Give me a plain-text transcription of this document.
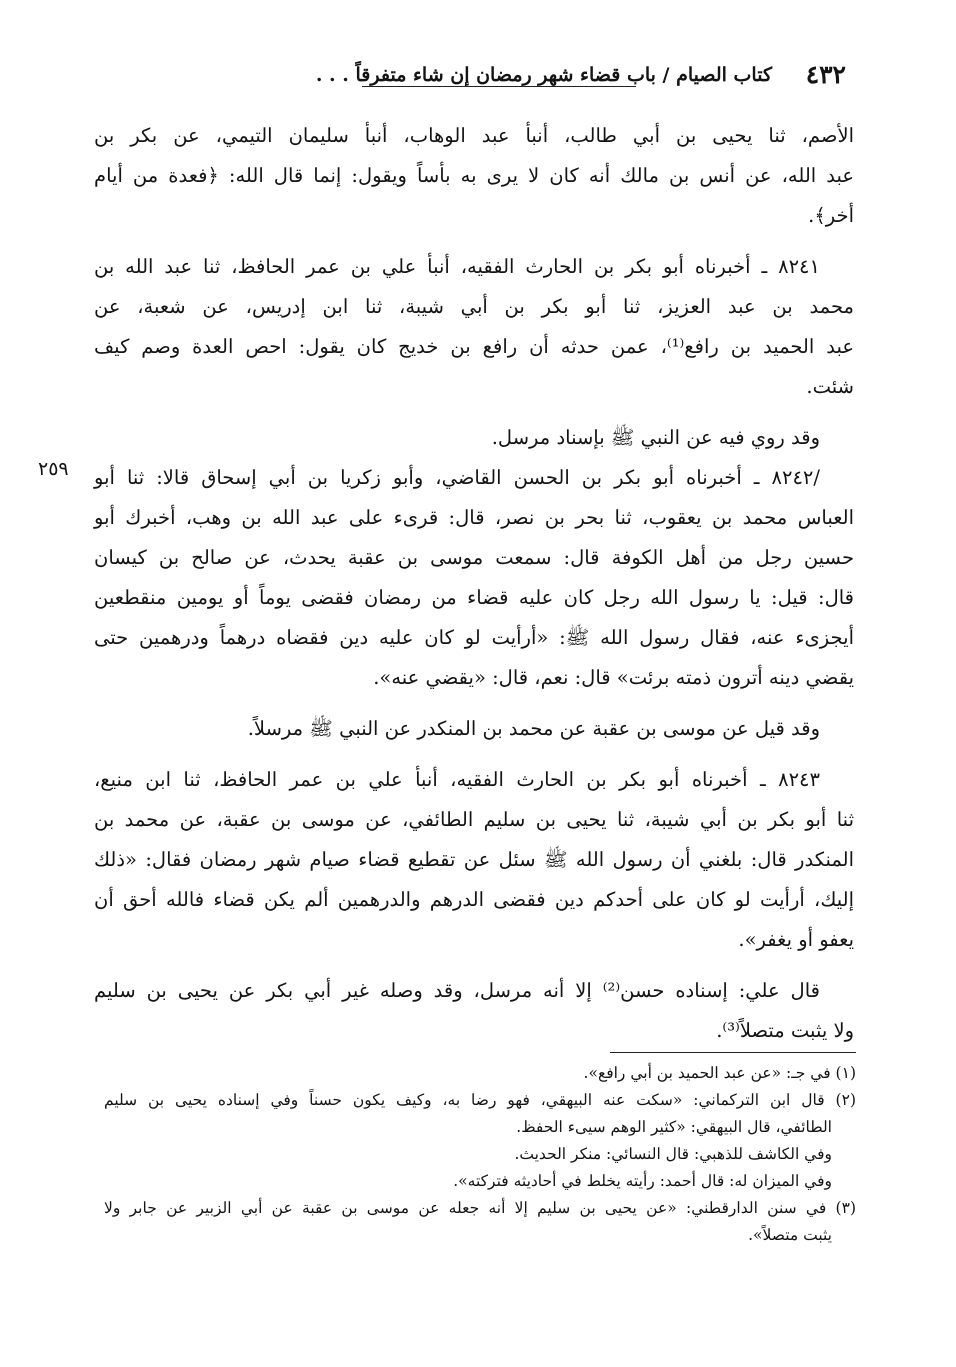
٤٣٢
كتاب الصيام / باب قضاء شهر رمضان إن شاء متفرقاً . . .
الأصم، ثنا يحيى بن أبي طالب، أنبأ عبد الوهاب، أنبأ سليمان التيمي، عن بكر بن
عبد الله، عن أنس بن مالك أنه كان لا يرى به بأساً ويقول: إنما قال الله: ﴿فعدة من أيام
أخر﴾.
٨٢٤١ ـ أخبرناه أبو بكر بن الحارث الفقيه، أنبأ علي بن عمر الحافظ، ثنا عبد الله بن
محمد بن عبد العزيز، ثنا أبو بكر بن أبي شيبة، ثنا ابن إدريس، عن شعبة، عن
عبد الحميد بن رافع⁽¹⁾، عمن حدثه أن رافع بن خديج كان يقول: احص العدة وصم كيف
شئت.
وقد روي فيه عن النبي ﷺ بإسناد مرسل.
٢٥٩ /٨٢٤٢ ـ أخبرناه أبو بكر بن الحسن القاضي، وأبو زكريا بن أبي إسحاق قالا: ثنا أبو
العباس محمد بن يعقوب، ثنا بحر بن نصر، قال: قرىء على عبد الله بن وهب، أخبرك أبو
حسين رجل من أهل الكوفة قال: سمعت موسى بن عقبة يحدث، عن صالح بن كيسان
قال: قيل: يا رسول الله رجل كان عليه قضاء من رمضان فقضى يوماً أو يومين منقطعين
أيجزىء عنه، فقال رسول الله ﷺ: «أرأيت لو كان عليه دين فقضاه درهماً ودرهمين حتى
يقضي دينه أترون ذمته برئت» قال: نعم، قال: «يقضي عنه».
وقد قيل عن موسى بن عقبة عن محمد بن المنكدر عن النبي ﷺ مرسلاً.
٨٢٤٣ ـ أخبرناه أبو بكر بن الحارث الفقيه، أنبأ علي بن عمر الحافظ، ثنا ابن منيع،
ثنا أبو بكر بن أبي شيبة، ثنا يحيى بن سليم الطائفي، عن موسى بن عقبة، عن محمد بن
المنكدر قال: بلغني أن رسول الله ﷺ سئل عن تقطيع قضاء صيام شهر رمضان فقال: «ذلك
إليك، أرأيت لو كان على أحدكم دين فقضى الدرهم والدرهمين ألم يكن قضاء فالله أحق أن
يعفو أو يغفر».
قال علي: إسناده حسن⁽²⁾ إلا أنه مرسل، وقد وصله غير أبي بكر عن يحيى بن سليم
ولا يثبت متصلاً⁽³⁾.
(١) في جـ: «عن عبد الحميد بن أبي رافع».
(٢) قال ابن التركماني: «سكت عنه البيهقي، فهو رضا به، وكيف يكون حسناً وفي إسناده يحيى بن سليم
الطائفي، قال البيهقي: «كثير الوهم سيىء الحفظ.
وفي الكاشف للذهبي: قال النسائي: منكر الحديث.
وفي الميزان له: قال أحمد: رأيته يخلط في أحاديثه فتركته».
(٣) في سنن الدارقطني: «عن يحيى بن سليم إلا أنه جعله عن موسى بن عقبة عن أبي الزبير عن جابر ولا
يثبت متصلاً».
